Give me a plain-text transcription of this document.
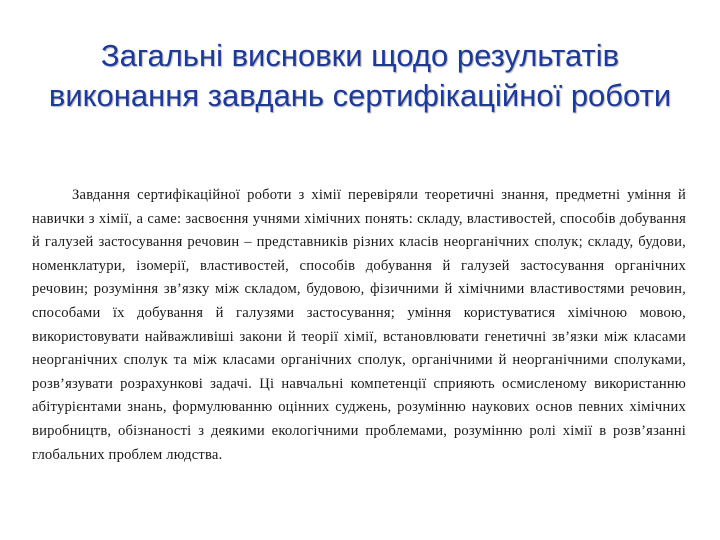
Загальні висновки щодо результатів
виконання завдань сертифікаційної роботи

Завдання сертифікаційної роботи з хімії перевіряли теоретичні знання, предметні уміння й навички з хімії, а саме: засвоєння учнями хімічних понять: складу, властивостей, способів добування й галузей застосування речовин – представників різних класів неорганічних сполук; складу, будови, номенклатури, ізомерії, властивостей, способів добування й галузей застосування органічних речовин; розуміння зв’язку між складом, будовою, фізичними й хімічними властивостями речовин, способами їх добування й галузями застосування; уміння користуватися хімічною мовою, використовувати найважливіші закони й теорії хімії, встановлювати генетичні зв’язки між класами неорганічних сполук та між класами органічних сполук, органічними й неорганічними сполуками, розв’язувати розрахункові задачі. Ці навчальні компетенції сприяють осмисленому використанню абітурієнтами знань, формулюванню оцінних суджень, розумінню наукових основ певних хімічних виробництв, обізнаності з деякими екологічними проблемами, розумінню ролі хімії в розв’язанні глобальних проблем людства.
